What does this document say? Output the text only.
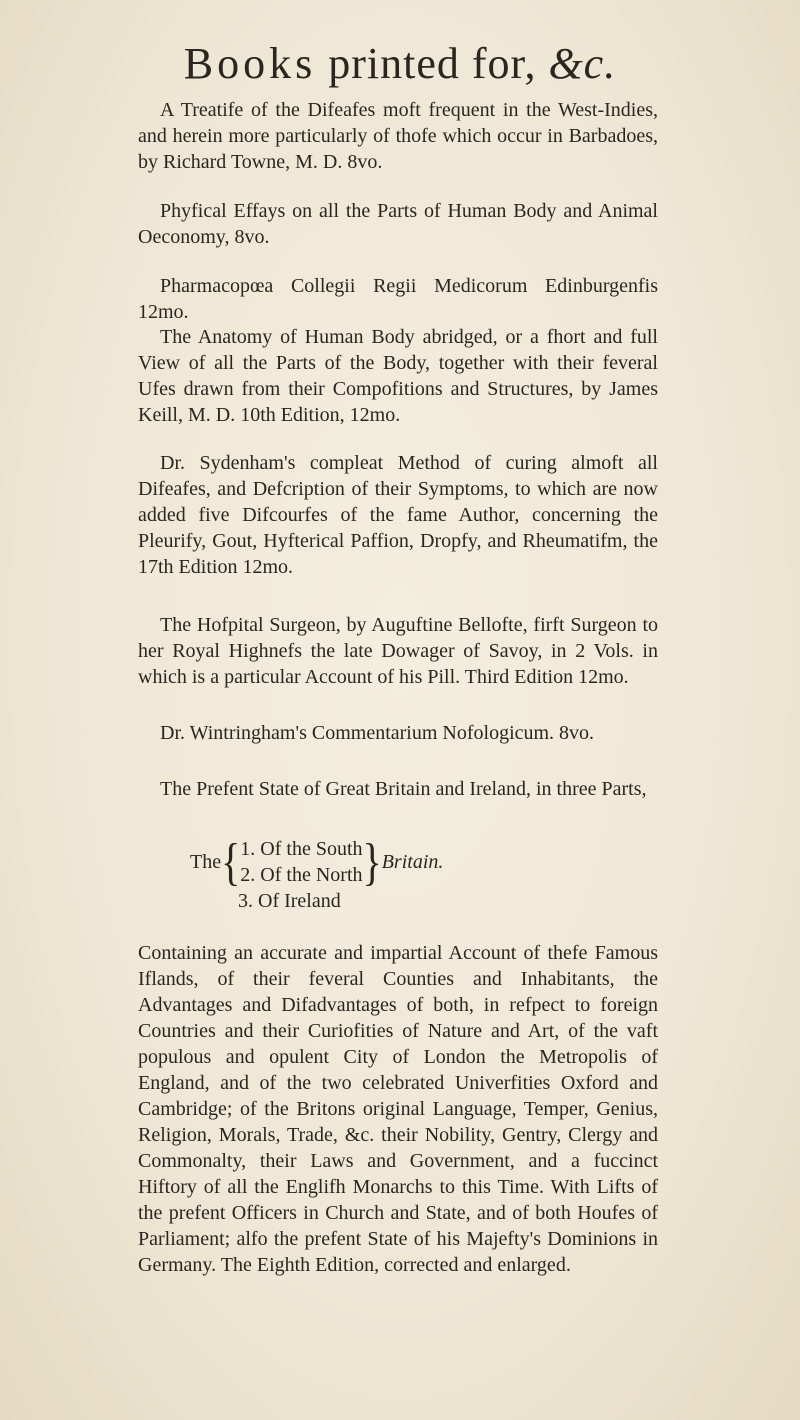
Books printed for, &c.

A Treatife of the Difeafes moft frequent in the West-Indies, and herein more particularly of thofe which occur in Barbadoes, by Richard Towne, M. D. 8vo.

Phyfical Effays on all the Parts of Human Body and Animal Oeconomy, 8vo.

Pharmacopœa Collegii Regii Medicorum Edinburgenfis 12mo.

The Anatomy of Human Body abridged, or a fhort and full View of all the Parts of the Body, together with their feveral Ufes drawn from their Compofitions and Structures, by James Keill, M. D. 10th Edition, 12mo.

Dr. Sydenham's compleat Method of curing almoft all Difeafes, and Defcription of their Symptoms, to which are now added five Difcourfes of the fame Author, concerning the Pleurify, Gout, Hyfterical Paffion, Dropfy, and Rheumatifm, the 17th Edition 12mo.

The Hofpital Surgeon, by Auguftine Bellofte, firft Surgeon to her Royal Highnefs the late Dowager of Savoy, in 2 Vols. in which is a particular Account of his Pill. Third Edition 12mo.

Dr. Wintringham's Commentarium Nofologicum. 8vo.

The Prefent State of Great Britain and Ireland, in three Parts,

The { 1. Of the South
2. Of the North } Britain.
3. Of Ireland

Containing an accurate and impartial Account of thefe Famous Iflands, of their feveral Counties and Inhabitants, the Advantages and Difadvantages of both, in refpect to foreign Countries and their Curiofities of Nature and Art, of the vaft populous and opulent City of London the Metropolis of England, and of the two celebrated Univerfities Oxford and Cambridge; of the Britons original Language, Temper, Genius, Religion, Morals, Trade, &c. their Nobility, Gentry, Clergy and Commonalty, their Laws and Government, and a fuccinct Hiftory of all the Englifh Monarchs to this Time. With Lifts of the prefent Officers in Church and State, and of both Houfes of Parliament; alfo the prefent State of his Majefty's Dominions in Germany. The Eighth Edition, corrected and enlarged.
